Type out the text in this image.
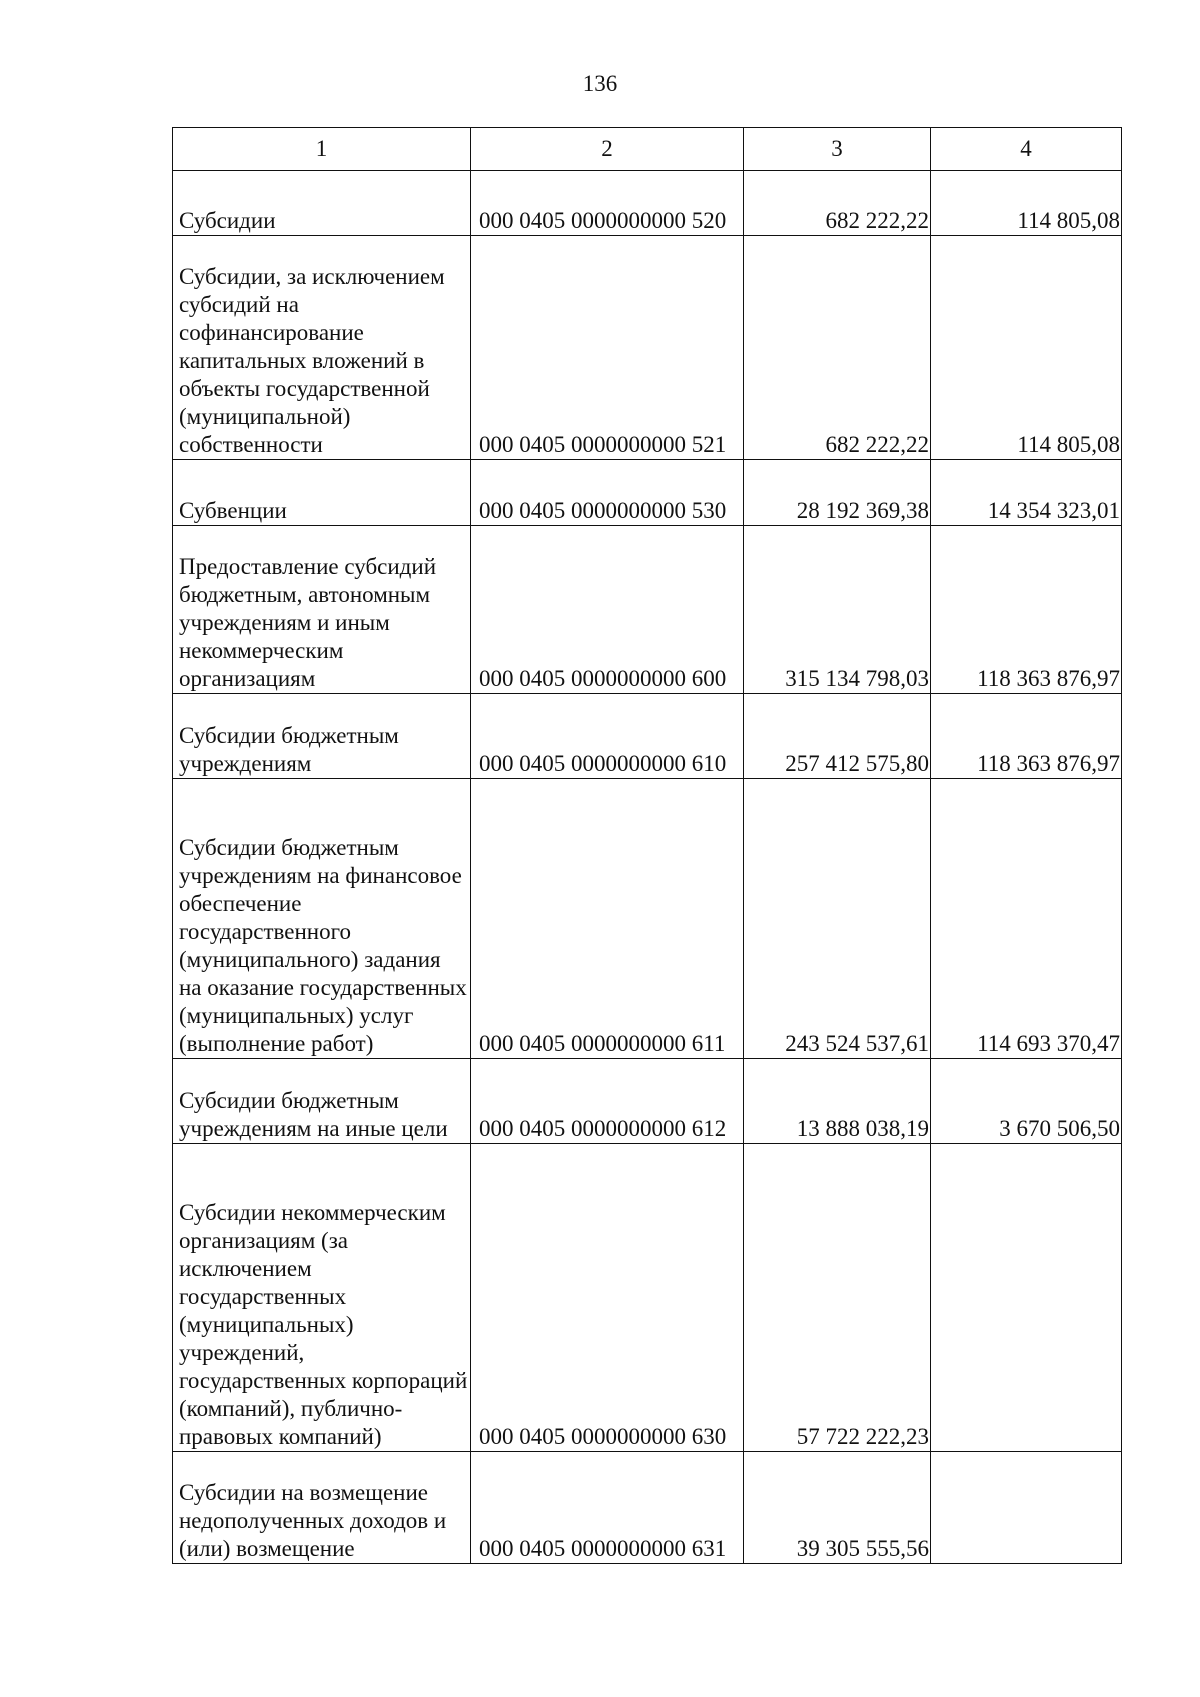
136
1	2	3	4

Субсидии	000 0405 0000000000 520	682 222,22	114 805,08

Субсидии, за исключением субсидий на софинансирование капитальных вложений в объекты государственной (муниципальной) собственности	000 0405 0000000000 521	682 222,22	114 805,08

Субвенции	000 0405 0000000000 530	28 192 369,38	14 354 323,01

Предоставление субсидий бюджетным, автономным учреждениям и иным некоммерческим организациям	000 0405 0000000000 600	315 134 798,03	118 363 876,97

Субсидии бюджетным учреждениям	000 0405 0000000000 610	257 412 575,80	118 363 876,97

Субсидии бюджетным учреждениям на финансовое обеспечение государственного (муниципального) задания на оказание государственных (муниципальных) услуг (выполнение работ)	000 0405 0000000000 611	243 524 537,61	114 693 370,47

Субсидии бюджетным учреждениям на иные цели	000 0405 0000000000 612	13 888 038,19	3 670 506,50

Субсидии некоммерческим организациям (за исключением государственных (муниципальных) учреждений, государственных корпораций (компаний), публично-правовых компаний)	000 0405 0000000000 630	57 722 222,23	

Субсидии на возмещение недополученных доходов и (или) возмещение	000 0405 0000000000 631	39 305 555,56	
